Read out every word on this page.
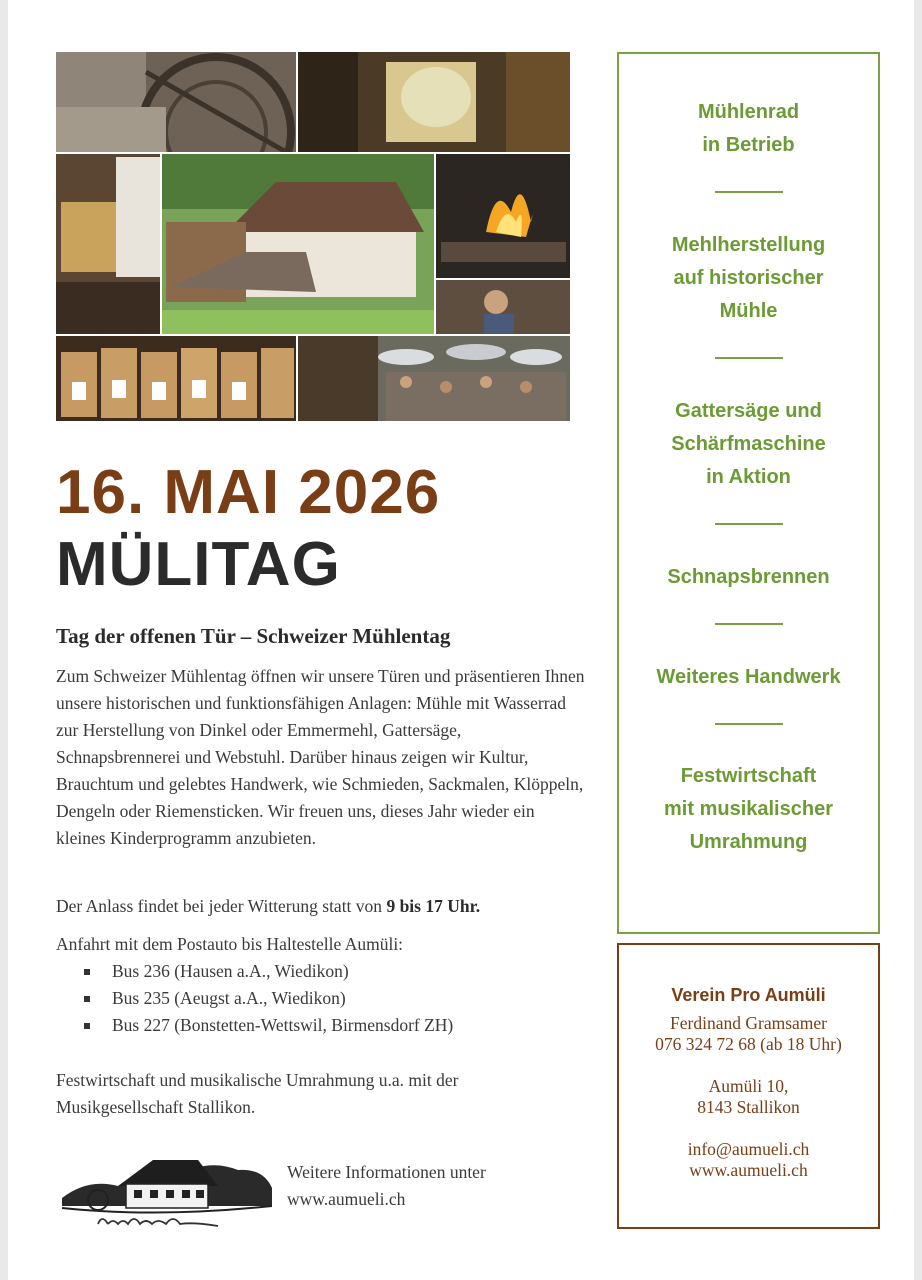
16. MAI 2026
MÜLITAG
Tag der offenen Tür – Schweizer Mühlentag
Zum Schweizer Mühlentag öffnen wir unsere Türen und präsentieren Ihnen unsere historischen und funktionsfähigen Anlagen: Mühle mit Wasserrad zur Herstellung von Dinkel oder Emmermehl, Gattersäge, Schnapsbrennerei und Webstuhl. Darüber hinaus zeigen wir Kultur, Brauchtum und gelebtes Handwerk, wie Schmieden, Sackmalen, Klöppeln, Dengeln oder Riemensticken. Wir freuen uns, dieses Jahr wieder ein kleines Kinderprogramm anzubieten.
Der Anlass findet bei jeder Witterung statt von 9 bis 17 Uhr.
Anfahrt mit dem Postauto bis Haltestelle Aumüli:
Bus 236 (Hausen a.A., Wiedikon)
Bus 235 (Aeugst a.A., Wiedikon)
Bus 227 (Bonstetten-Wettswil, Birmensdorf ZH)
Festwirtschaft und musikalische Umrahmung u.a. mit der Musikgesellschaft Stallikon.
Weitere Informationen unter
www.aumueli.ch
Mühlenrad
in Betrieb
Mehlherstellung
auf historischer
Mühle
Gattersäge und
Schärfmaschine
in Aktion
Schnapsbrennen
Weiteres Handwerk
Festwirtschaft
mit musikalischer
Umrahmung
Verein Pro Aumüli
Ferdinand Gramsamer
076 324 72 68 (ab 18 Uhr)
Aumüli 10,
8143 Stallikon
info@aumueli.ch
www.aumueli.ch
